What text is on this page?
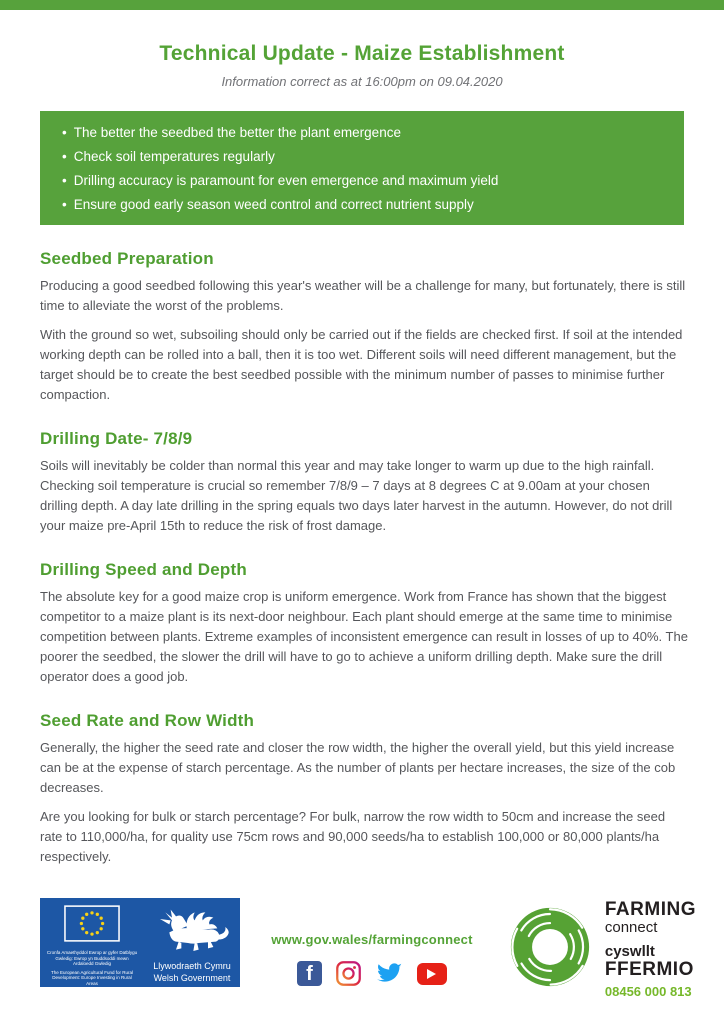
Technical Update - Maize Establishment
Information correct as at 16:00pm on 09.04.2020
• The better the seedbed the better the plant emergence
• Check soil temperatures regularly
• Drilling accuracy is paramount for even emergence and maximum yield
• Ensure good early season weed control and correct nutrient supply
Seedbed Preparation

Producing a good seedbed following this year's weather will be a challenge for many, but fortunately, there is still time to alleviate the worst of the problems.

With the ground so wet, subsoiling should only be carried out if the fields are checked first. If soil at the intended working depth can be rolled into a ball, then it is too wet. Different soils will need different management, but the target should be to create the best seedbed possible with the minimum number of passes to minimise further compaction.

Drilling Date- 7/8/9

Soils will inevitably be colder than normal this year and may take longer to warm up due to the high rainfall. Checking soil temperature is crucial so remember 7/8/9 – 7 days at 8 degrees C at 9.00am at your chosen drilling depth. A day late drilling in the spring equals two days later harvest in the autumn. However, do not drill your maize pre-April 15th to reduce the risk of frost damage.

Drilling Speed and Depth

The absolute key for a good maize crop is uniform emergence. Work from France has shown that the biggest competitor to a maize plant is its next-door neighbour. Each plant should emerge at the same time to minimise competition between plants. Extreme examples of inconsistent emergence can result in losses of up to 40%. The poorer the seedbed, the slower the drill will have to go to achieve a uniform drilling depth. Make sure the drill operator does a good job.

Seed Rate and Row Width

Generally, the higher the seed rate and closer the row width, the higher the overall yield, but this yield increase can be at the expense of starch percentage. As the number of plants per hectare increases, the size of the cob decreases.

Are you looking for bulk or starch percentage? For bulk, narrow the row width to 50cm and increase the seed rate to 110,000/ha, for quality use 75cm rows and 90,000 seeds/ha to establish 100,000 or 80,000 plants/ha respectively.

Cronfa Amaethyddol Ewrop ar gyfer Datblygu Gwledig: Ewrop yn Buddsoddi mewn Ardaloedd Gwledig
The European Agricultural Fund for Rural Development: Europe Investing in Rural Areas
Llywodraeth Cymru
Welsh Government
www.gov.wales/farmingconnect
f
FARMING
connect
cyswllt
FFERMIO
08456 000 813
